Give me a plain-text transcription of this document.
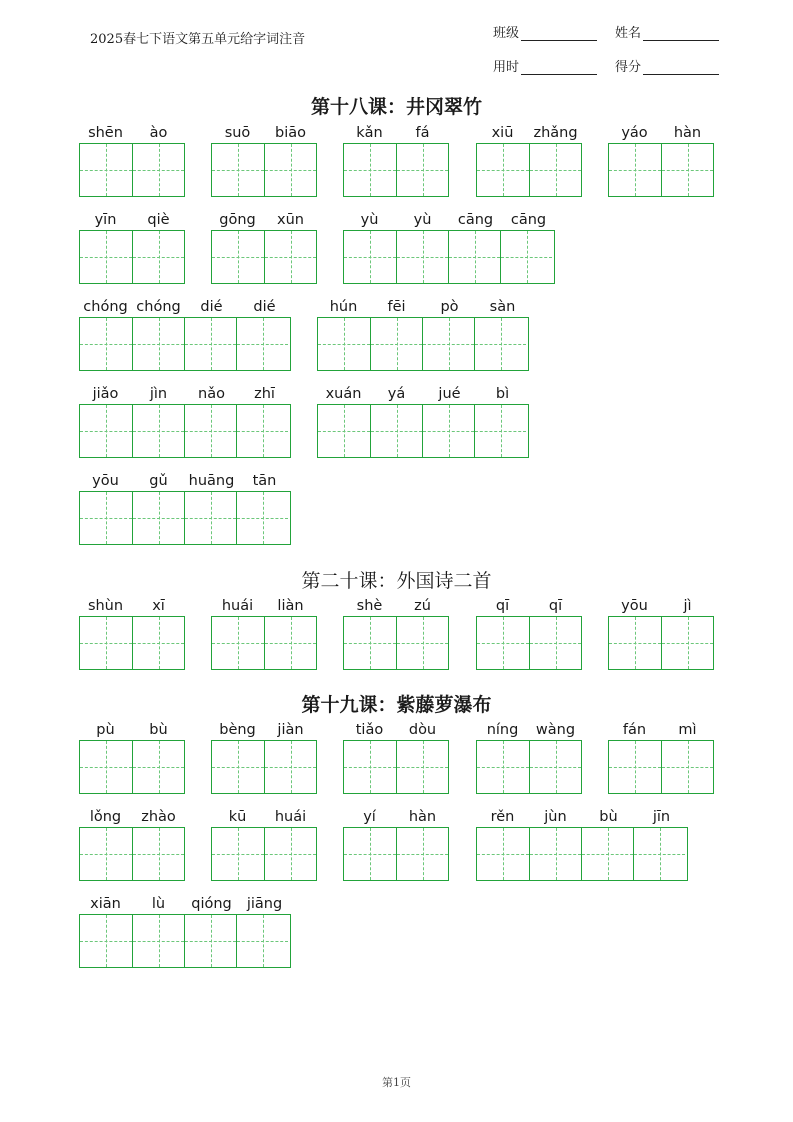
2025春七下语文第五单元给字词注音	班级	姓名
用时	得分
第十八课：井冈翠竹
第二十课：外国诗二首
第十九课：紫藤萝瀑布
shēn	ào	suō	biāo	kǎn	fá	xiū	zhǎng	yáo	hàn
yīn	qiè	gōng	xūn	yù	yù	cāng	cāng
chóng chóng	dié	dié	hún	fēi	pò	sàn
jiǎo	jìn	nǎo	zhī	xuán	yá	jué	bì
yōu	gǔ	huāng	tān
shùn	xī	huái	liàn	shè	zú	qī	qī	yōu	jì
pù	bù	bèng	jiàn	tiǎo	dòu	níng	wàng	fán	mì
lǒng	zhào	kū	huái	yí	hàn	rěn	jùn	bù	jīn
xiān	lù	qióng	jiāng
第1页
